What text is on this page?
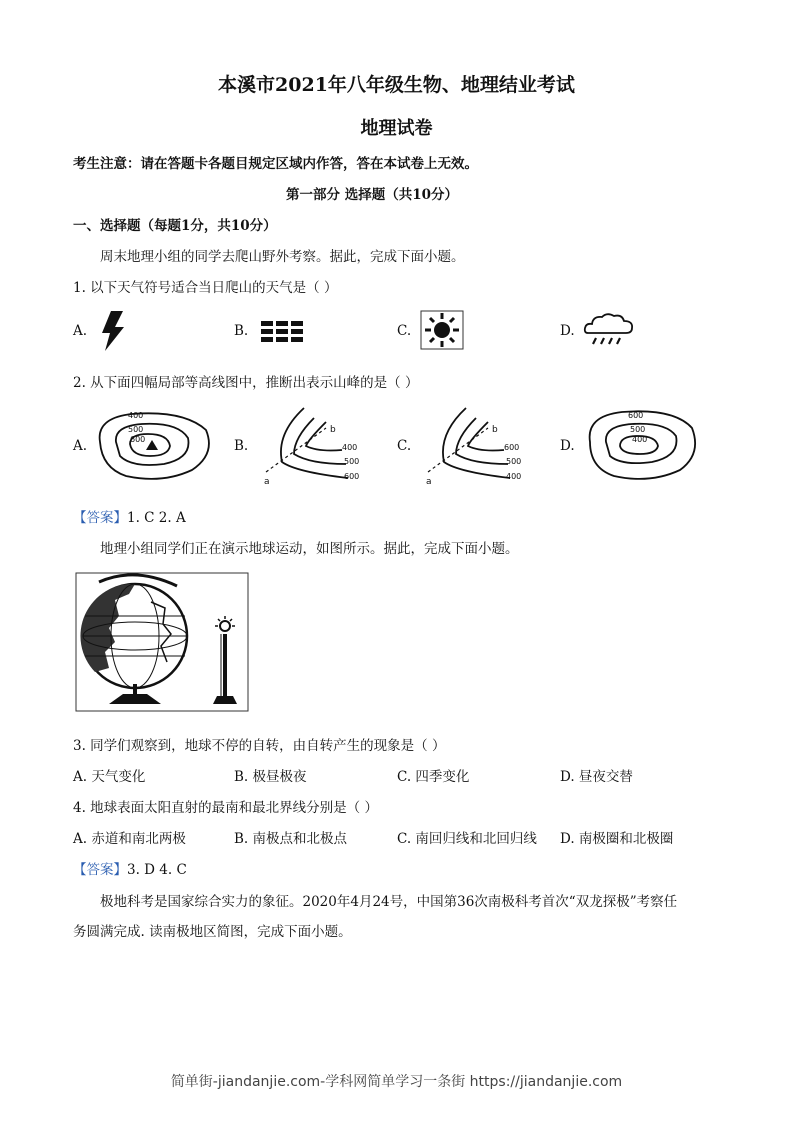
本溪市2021年八年级生物、地理结业考试
地理试卷
考生注意：请在答题卡各题目规定区域内作答，答在本试卷上无效。
第一部分 选择题（共10分）
一、选择题（每题1分，共10分）
周末地理小组的同学去爬山野外考察。据此，完成下面小题。
1. 以下天气符号适合当日爬山的天气是（ ）
A.	B.	C.	D.
2. 从下面四幅局部等高线图中，推断出表示山峰的是（ ）
A.
400
500
600	B.
b
400
500
600
a
C.
b
600
500
400
a
D.
600
500
400
【答案】1. C 2. A
地理小组同学们正在演示地球运动，如图所示。据此，完成下面小题。
3. 同学们观察到，地球不停的自转，由自转产生的现象是（ ）
A. 天气变化	B. 极昼极夜	C. 四季变化	D. 昼夜交替
4. 地球表面太阳直射的最南和最北界线分别是（ ）
A. 赤道和南北两极	B. 南极点和北极点	C. 南回归线和北回归线 D. 南极圈和北极圈
【答案】3. D 4. C
极地科考是国家综合实力的象征。2020年4月24号，中国第36次南极科考首次“双龙探极”考察任
务圆满完成. 读南极地区简图，完成下面小题。
简单街-jiandanjie.com-学科网简单学习一条街 https://jiandanjie.com
